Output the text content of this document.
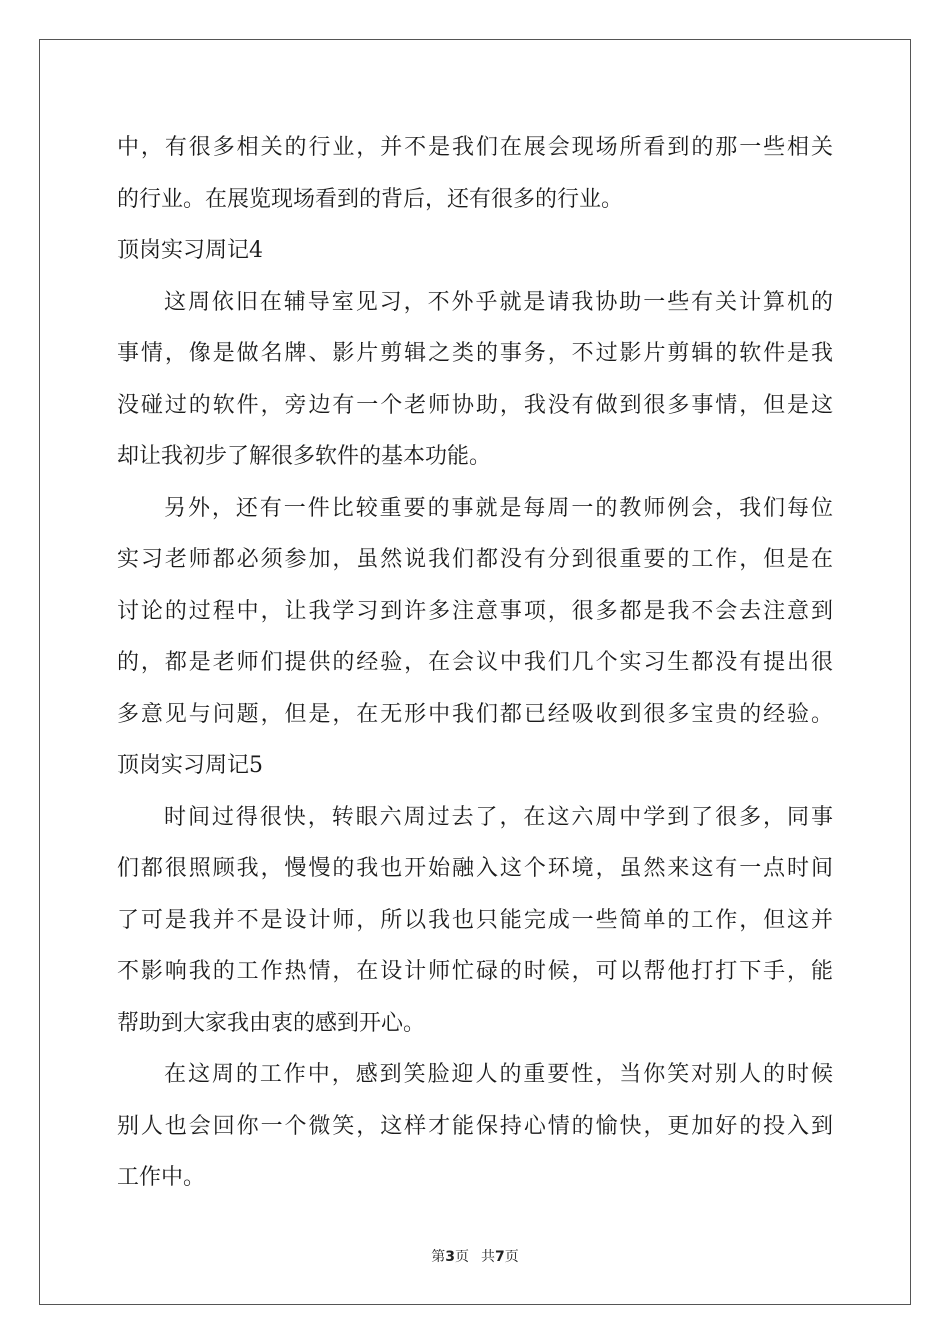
中，有很多相关的行业，并不是我们在展会现场所看到的那一些相关
的行业。在展览现场看到的背后，还有很多的行业。
顶岗实习周记4
这周依旧在辅导室见习，不外乎就是请我协助一些有关计算机的
事情，像是做名牌、影片剪辑之类的事务，不过影片剪辑的软件是我
没碰过的软件，旁边有一个老师协助，我没有做到很多事情，但是这
却让我初步了解很多软件的基本功能。
另外，还有一件比较重要的事就是每周一的教师例会，我们每位
实习老师都必须参加，虽然说我们都没有分到很重要的工作，但是在
讨论的过程中，让我学习到许多注意事项，很多都是我不会去注意到
的，都是老师们提供的经验，在会议中我们几个实习生都没有提出很
多意见与问题，但是，在无形中我们都已经吸收到很多宝贵的经验。
顶岗实习周记5
时间过得很快，转眼六周过去了，在这六周中学到了很多，同事
们都很照顾我，慢慢的我也开始融入这个环境，虽然来这有一点时间
了可是我并不是设计师，所以我也只能完成一些简单的工作，但这并
不影响我的工作热情，在设计师忙碌的时候，可以帮他打打下手，能
帮助到大家我由衷的感到开心。
在这周的工作中，感到笑脸迎人的重要性，当你笑对别人的时候
别人也会回你一个微笑，这样才能保持心情的愉快，更加好的投入到
工作中。
第3页 共7页
